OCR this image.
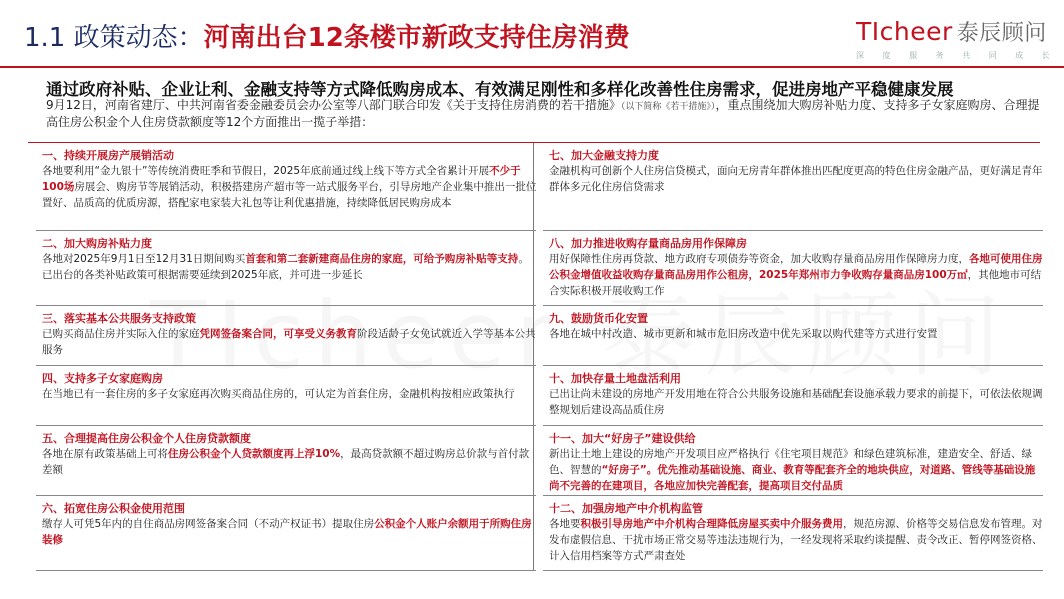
1.1 政策动态：河南出台12条楼市新政支持住房消费	TIcheer 泰辰顾问
深 度 服 务 共 同 成 长
通过政府补贴、企业让利、金融支持等方式降低购房成本、有效满足刚性和多样化改善性住房需求，促进房地产平稳健康发展
9月12日，河南省建厅、中共河南省委金融委员会办公室等八部门联合印发《关于支持住房消费的若干措施》（以下简称《若干措施》），重点围绕加大购房补贴力度、支持多子女家庭购房、合理提高住房公积金个人住房贷款额度等12个方面推出一揽子举措：
一、持续开展房产展销活动
各地要利用“金九银十”等传统消费旺季和节假日，2025年底前通过线上线下等方式全省累计开展不少于100场房展会、购房节等展销活动，积极搭建房产超市等一站式服务平台，引导房地产企业集中推出一批位置好、品质高的优质房源，搭配家电家装大礼包等让利优惠措施，持续降低居民购房成本
二、加大购房补贴力度
各地对2025年9月1日至12月31日期间购买首套和第二套新建商品住房的家庭，可给予购房补贴等支持。已出台的各类补贴政策可根据需要延续到2025年底，并可进一步延长
三、落实基本公共服务支持政策
已购买商品住房并实际入住的家庭凭网签备案合同，可享受义务教育阶段适龄子女免试就近入学等基本公共服务
四、支持多子女家庭购房
在当地已有一套住房的多子女家庭再次购买商品住房的，可认定为首套住房，金融机构按相应政策执行
五、合理提高住房公积金个人住房贷款额度
各地在原有政策基础上可将住房公积金个人贷款额度再上浮10%，最高贷款额不超过购房总价款与首付款差额
六、拓宽住房公积金使用范围
缴存人可凭5年内的自住商品房网签备案合同（不动产权证书）提取住房公积金个人账户余额用于所购住房装修
七、加大金融支持力度
金融机构可创新个人住房信贷模式，面向无房青年群体推出匹配度更高的特色住房金融产品，更好满足青年群体多元化住房信贷需求
八、加力推进收购存量商品房用作保障房
用好保障性住房再贷款、地方政府专项债券等资金，加大收购存量商品房用作保障房力度，各地可使用住房公积金增值收益收购存量商品房用作公租房，2025年郑州市力争收购存量商品房100万㎡，其他地市可结合实际积极开展收购工作
九、鼓励货币化安置
各地在城中村改造、城市更新和城市危旧房改造中优先采取以购代建等方式进行安置
十、加快存量土地盘活利用
已出让尚未建设的房地产开发用地在符合公共服务设施和基础配套设施承载力要求的前提下，可依法依规调整规划后建设高品质住房
十一、加大“好房子”建设供给
新出让土地上建设的房地产开发项目应严格执行《住宅项目规范》和绿色建筑标准，建造安全、舒适、绿色、智慧的“好房子”。优先推动基础设施、商业、教育等配套齐全的地块供应，对道路、管线等基础设施尚不完善的在建项目，各地应加快完善配套，提高项目交付品质
十二、加强房地产中介机构监管
各地要积极引导房地产中介机构合理降低房屋买卖中介服务费用，规范房源、价格等交易信息发布管理。对发布虚假信息、干扰市场正常交易等违法违规行为，一经发现将采取约谈提醒、责令改正、暂停网签资格、计入信用档案等方式严肃查处
